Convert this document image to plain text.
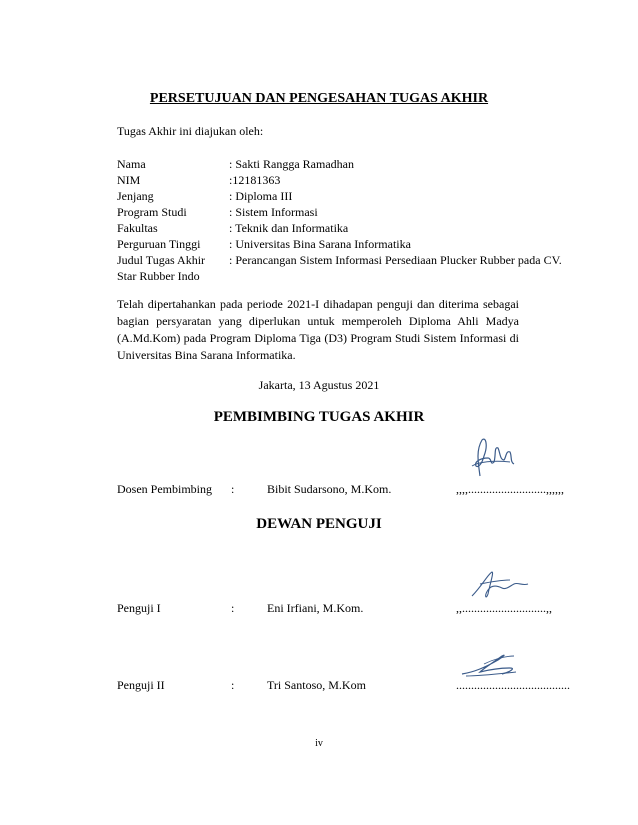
PERSETUJUAN DAN PENGESAHAN TUGAS AKHIR
Tugas Akhir ini diajukan oleh:
Nama	: Sakti Rangga Ramadhan
NIM	:12181363
Jenjang	: Diploma III
Program Studi	: Sistem Informasi
Fakultas	: Teknik dan Informatika
Perguruan Tinggi	: Universitas Bina Sarana Informatika
Judul Tugas Akhir	: Perancangan Sistem Informasi Persediaan Plucker Rubber pada CV.
Star Rubber Indo
Telah dipertahankan pada periode 2021-I dihadapan penguji dan diterima sebagai bagian persyaratan yang diperlukan untuk memperoleh Diploma Ahli Madya (A.Md.Kom) pada Program Diploma Tiga (D3) Program Studi Sistem Informasi di Universitas Bina Sarana Informatika.
Jakarta, 13 Agustus 2021
PEMBIMBING TUGAS AKHIR
Dosen Pembimbing :	Bibit Sudarsono, M.Kom.	,,,,..........................,,,,,,
DEWAN PENGUJI
Penguji I	:	Eni Irfiani, M.Kom.	,,............................,,
Penguji II	:	Tri Santoso, M.Kom	......................................
iv
